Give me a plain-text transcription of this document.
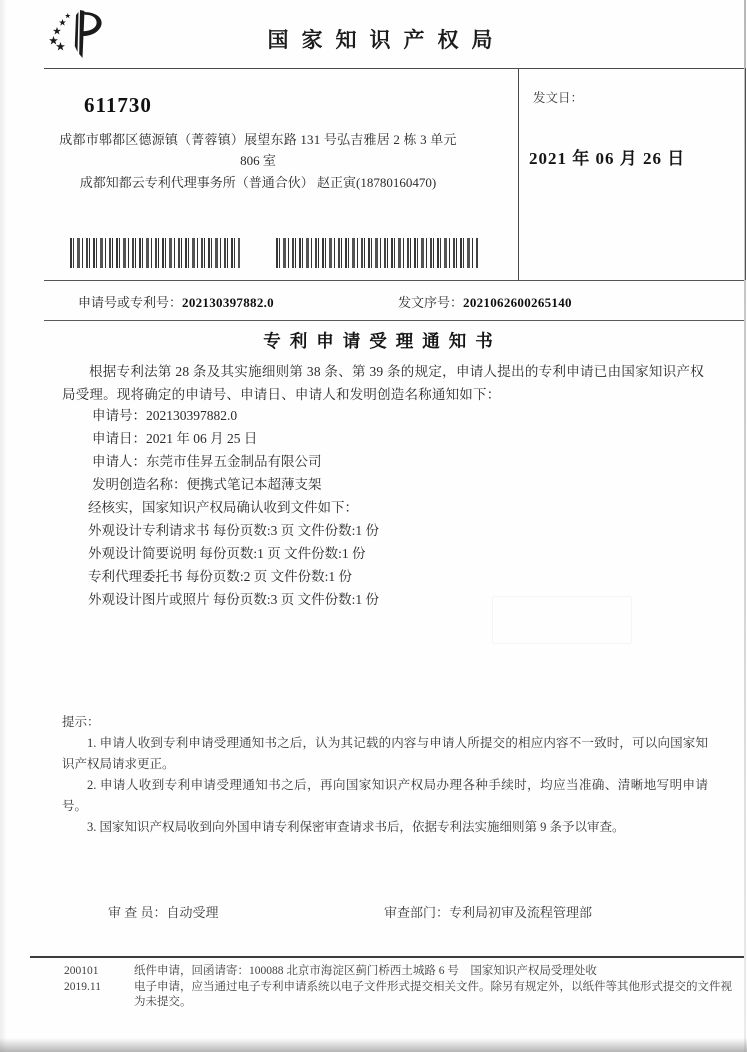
国家知识产权局
发文日：
2021 年 06 月 26 日
611730
成都市郫都区德源镇（菁蓉镇）展望东路 131 号弘吉雅居 2 栋 3 单元
806 室
成都知都云专利代理事务所（普通合伙） 赵正寅(18780160470)
申请号或专利号：202130397882.0	发文序号：2021062600265140
专利申请受理通知书
根据专利法第 28 条及其实施细则第 38 条、第 39 条的规定，申请人提出的专利申请已由国家知识产权局受理。现将确定的申请号、申请日、申请人和发明创造名称通知如下：
申请号：202130397882.0
申请日：2021 年 06 月 25 日
申请人：东莞市佳昇五金制品有限公司
发明创造名称：便携式笔记本超薄支架
经核实，国家知识产权局确认收到文件如下：
外观设计专利请求书 每份页数:3 页 文件份数:1 份
外观设计简要说明 每份页数:1 页 文件份数:1 份
专利代理委托书 每份页数:2 页 文件份数:1 份
外观设计图片或照片 每份页数:3 页 文件份数:1 份
提示：

1. 申请人收到专利申请受理通知书之后，认为其记载的内容与申请人所提交的相应内容不一致时，可以向国家知识产权局请求更正。

2. 申请人收到专利申请受理通知书之后，再向国家知识产权局办理各种手续时，均应当准确、清晰地写明申请号。

3. 国家知识产权局收到向外国申请专利保密审查请求书后，依据专利法实施细则第 9 条予以审查。

审 查 员：自动受理	审查部门：专利局初审及流程管理部
200101
2019.11

纸件申请，回函请寄：100088 北京市海淀区蓟门桥西土城路 6 号　国家知识产权局受理处收

电子申请，应当通过电子专利申请系统以电子文件形式提交相关文件。除另有规定外，以纸件等其他形式提交的文件视为未提交。
